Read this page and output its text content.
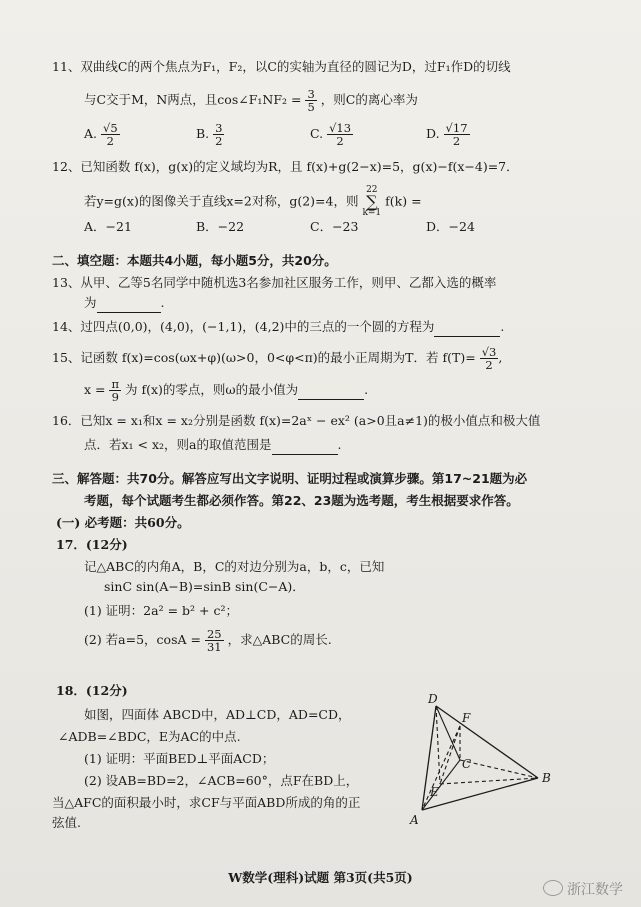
11、双曲线C的两个焦点为F₁，F₂，以C的实轴为直径的圆记为D，过F₁作D的切线
与C交于M，N两点，且cos∠F₁NF₂ = $\frac{3}{5}$ ，则C的离心率为
A. $\frac{√5}{2}$	B. $\frac{3}{2}$	C. $\frac{√13}{2}$	D. $\frac{√17}{2}$
12、已知函数 f(x)，g(x)的定义域均为R，且 f(x)+g(2−x)=5，g(x)−f(x−4)=7．
若y=g(x)的图像关于直线x=2对称，g(2)=4，则
22
∑
k=1
f(k) =
A．−21	B．−22	C．−23	D．−24
二、填空题：本题共4小题，每小题5分，共20分。
13、从甲、乙等5名同学中随机选3名参加社区服务工作，则甲、乙都入选的概率
为	.
14、过四点(0,0)，(4,0)，(−1,1)，(4,2)中的三点的一个圆的方程为	.
15、记函数 f(x)=cos(ωx+φ)(ω>0，0<φ<π)的最小正周期为T．若 $f(T)= \frac{√3}{2}$ ,
$x = \frac{\pi}{9}$ 为 f(x)的零点，则ω的最小值为	.
16．已知x = x₁和x = x₂分别是函数 f(x)=2aˣ − ex² (a>0且a≠1)的极小值点和极大值
点．若x₁ < x₂，则a的取值范围是	.
三、解答题：共70分。解答应写出文字说明、证明过程或演算步骤。第17~21题为必
考题，每个试题考生都必须作答。第22、23题为选考题，考生根据要求作答。
(一) 必考题：共60分。
17．(12分)
记△ABC的内角A，B，C的对边分别为a，b，c，已知
sinC sin(A−B)=sinB sin(C−A)．
(1) 证明：2a² = b² + c²；
(2) 若a=5，$\cos A = \frac{25}{31}$ ，求△ABC的周长.
18．(12分)
如图，四面体 ABCD中，AD⊥CD，AD=CD，
∠ADB=∠BDC，E为AC的中点.
(1) 证明：平面BED⊥平面ACD；
(2) 设AB=BD=2，∠ACB=60°，点F在BD上，
当△AFC的面积最小时，求CF与平面ABD所成的角的正
弦值.
D
F
C
B
E
A
W数学(理科)试题 第3页(共5页)
浙江数学
